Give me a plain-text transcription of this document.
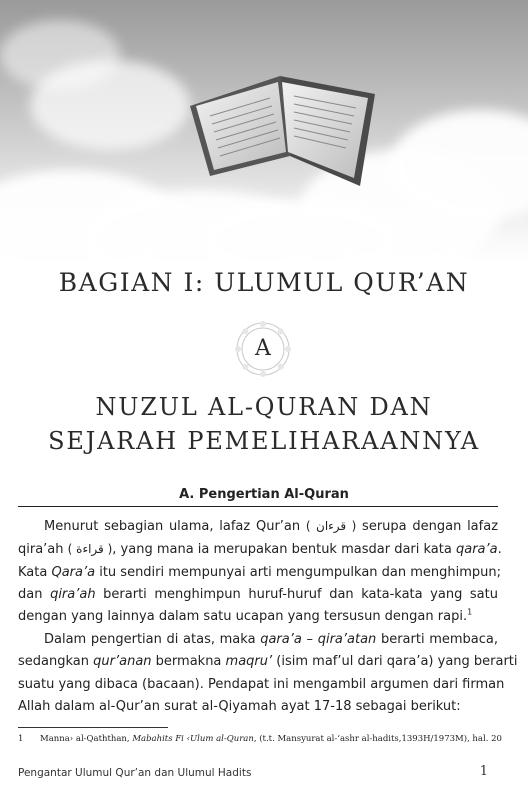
BAGIAN I: ULUMUL QUR’AN
A
NUZUL AL-QURAN DAN
SEJARAH PEMELIHARAANNYA
A. Pengertian Al-Quran
Menurut sebagian ulama, lafaz Qur’an ( قرءان ) serupa dengan lafaz
qira’ah ( قراءة ), yang mana ia merupakan bentuk masdar dari kata qara’a.
Kata Qara’a itu sendiri mempunyai arti mengumpulkan dan menghimpun;
dan qira’ah berarti menghimpun huruf-huruf dan kata-kata yang satu
dengan yang lainnya dalam satu ucapan yang tersusun dengan rapi.$^1$
Dalam pengertian di atas, maka qara’a – qira’atan berarti membaca,
sedangkan qur’anan bermakna maqru’ (isim maf’ul dari qara’a) yang berarti
suatu yang dibaca (bacaan). Pendapat ini mengambil argumen dari firman
Allah dalam al-Qur’an surat al-Qiyamah ayat 17-18 sebagai berikut:
1 Manna› al-Qaththan, Mabahits Fi ‹Ulum al-Quran, (t.t. Mansyurat al-‘ashr al-hadits,1393H/1973M), hal. 20
Pengantar Ulumul Qur’an dan Ulumul Hadits	1
